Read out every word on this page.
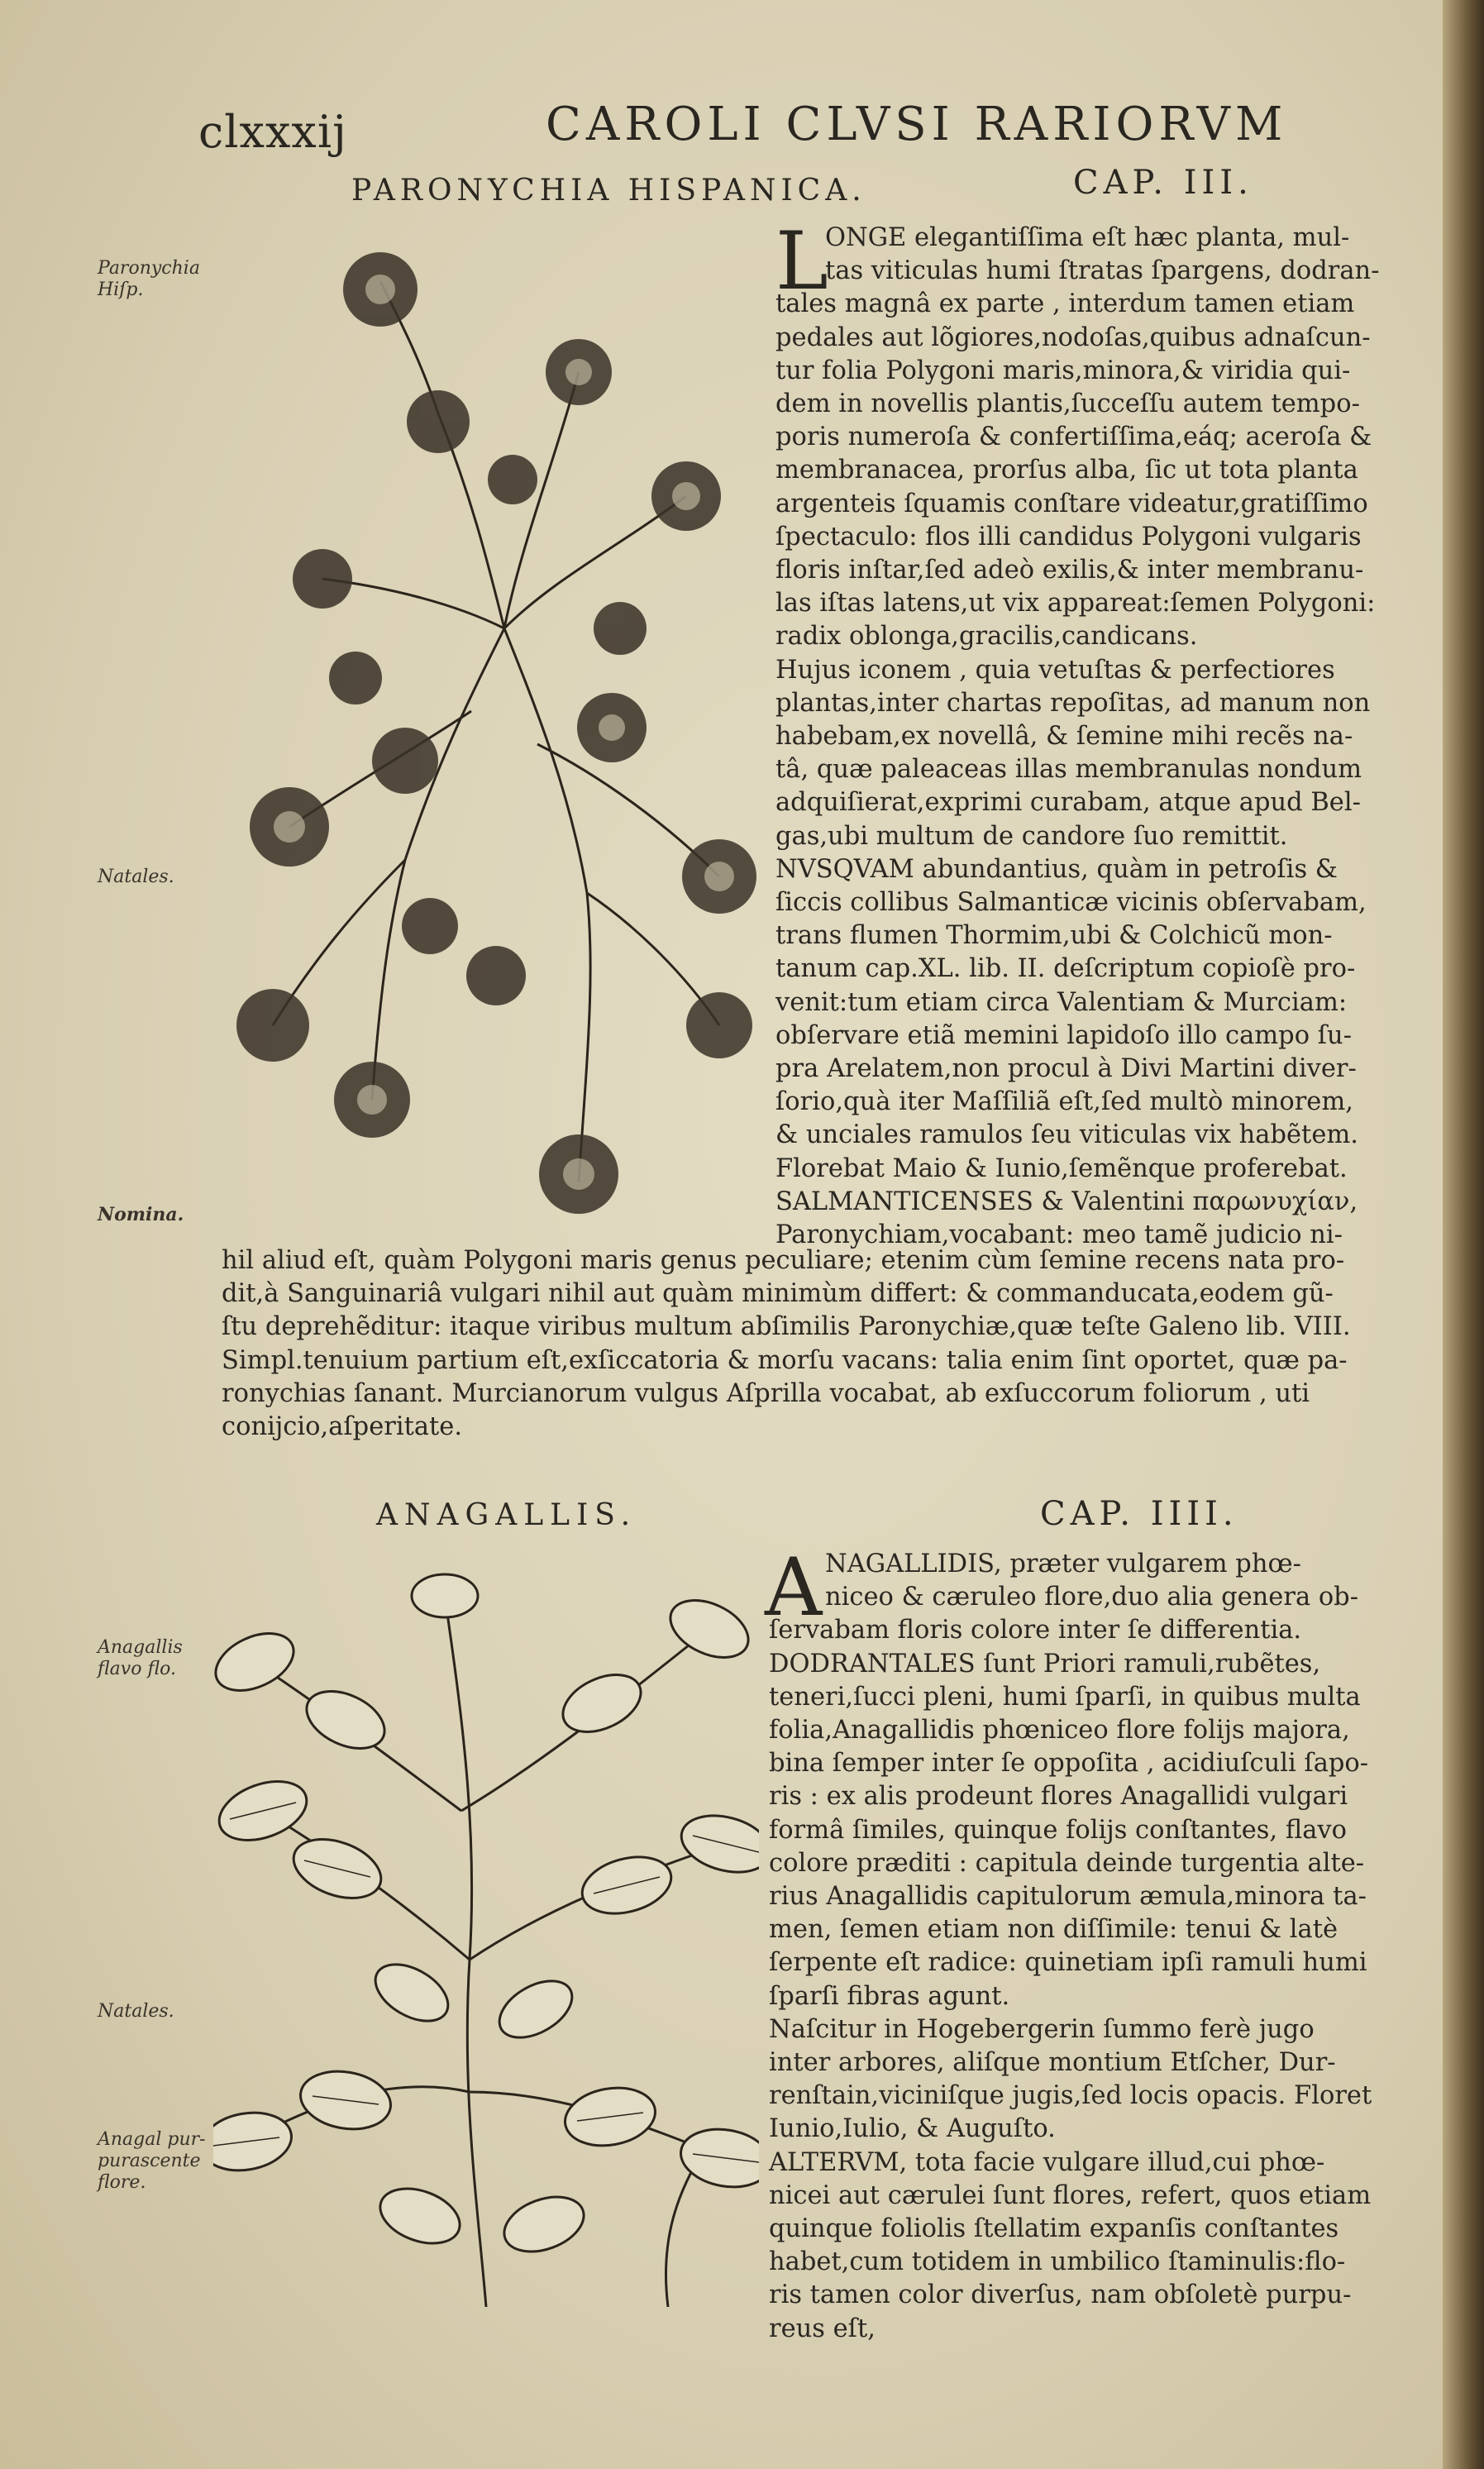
clxxxij	CAROLI CLVSI RARIORVM
PARONYCHIA HISPANICA.	CAP. III.
Paronychia Hiſp.
Natales.
Nomina.
Anagallis flavo flo.
Natales.
Anagal pur-purascente flore.
L
ONGE elegantiſſima eſt hæc planta, mul-
tas viticulas humi ſtratas ſpargens, dodran-
tales magnâ ex parte , interdum tamen etiam
pedales aut lõgiores,nodoſas,quibus adnaſcun-
tur folia Polygoni maris,minora,& viridia qui-
dem in novellis plantis,ſucceſſu autem tempo-
poris numeroſa & confertiſſima,eáq; aceroſa &
membranacea, prorſus alba, ſic ut tota planta
argenteis ſquamis conſtare videatur,gratiſſimo
ſpectaculo: flos illi candidus Polygoni vulgaris
floris inſtar,ſed adeò exilis,& inter membranu-
las iſtas latens,ut vix appareat:ſemen Polygoni:
radix oblonga,gracilis,candicans.
Hujus iconem , quia vetuſtas & perfectiores
plantas,inter chartas repoſitas, ad manum non
habebam,ex novellâ, & ſemine mihi recẽs na-
tâ, quæ paleaceas illas membranulas nondum
adquiſierat,exprimi curabam, atque apud Bel-
gas,ubi multum de candore ſuo remittit.
NVSQVAM abundantius, quàm in petroſis &
ſiccis collibus Salmanticæ vicinis obſervabam,
trans flumen Thormim,ubi & Colchicũ mon-
tanum cap.XL. lib. II. deſcriptum copioſè pro-
venit:tum etiam circa Valentiam & Murciam:
obſervare etiã memini lapidoſo illo campo ſu-
pra Arelatem,non procul à Divi Martini diver-
ſorio,quà iter Maſſiliã eſt,ſed multò minorem,
& unciales ramulos ſeu viticulas vix habẽtem.
Florebat Maio & Iunio,ſemẽnque proferebat.
SALMANTICENSES & Valentini παρωνυχίαν,
Paronychiam,vocabant: meo tamẽ judicio ni-
hil aliud eſt, quàm Polygoni maris genus peculiare; etenim cùm ſemine recens nata pro-
dit,à Sanguinariâ vulgari nihil aut quàm minimùm differt: & commanducata,eodem gũ-
ſtu deprehẽditur: itaque viribus multum abſimilis Paronychiæ,quæ teſte Galeno lib. VIII.
Simpl.tenuium partium eſt,exſiccatoria & morſu vacans: talia enim ſint oportet, quæ pa-
ronychias ſanant. Murcianorum vulgus Aſprilla vocabat, ab exſuccorum foliorum , uti
conijcio,aſperitate.
ANAGALLIS.	CAP. IIII.
A NAGALLIDIS, præter vulgarem phœ-
niceo & cæruleo flore,duo alia genera ob-
ſervabam floris colore inter ſe differentia.
DODRANTALES ſunt Priori ramuli,rubẽtes,
teneri,ſucci pleni, humi ſparſi, in quibus multa
folia,Anagallidis phœniceo flore folijs majora,
bina ſemper inter ſe oppoſita , acidiuſculi ſapo-
ris : ex alis prodeunt flores Anagallidi vulgari
formâ ſimiles, quinque folijs conſtantes, flavo
colore præditi : capitula deinde turgentia alte-
rius Anagallidis capitulorum æmula,minora ta-
men, ſemen etiam non diſſimile: tenui & latè
ſerpente eſt radice: quinetiam ipſi ramuli humi
ſparſi fibras agunt.
Naſcitur in Hogebergerin ſummo ferè jugo
inter arbores, aliſque montium Etſcher, Dur-
renſtain,viciniſque jugis,ſed locis opacis. Floret
Iunio,Iulio, & Auguſto.
ALTERVM, tota facie vulgare illud,cui phœ-
nicei aut cærulei ſunt flores, refert, quos etiam
quinque foliolis ſtellatim expanſis conſtantes
habet,cum totidem in umbilico ſtaminulis:flo-
ris tamen color diverſus, nam obſoletè purpu-
reus eſt,
